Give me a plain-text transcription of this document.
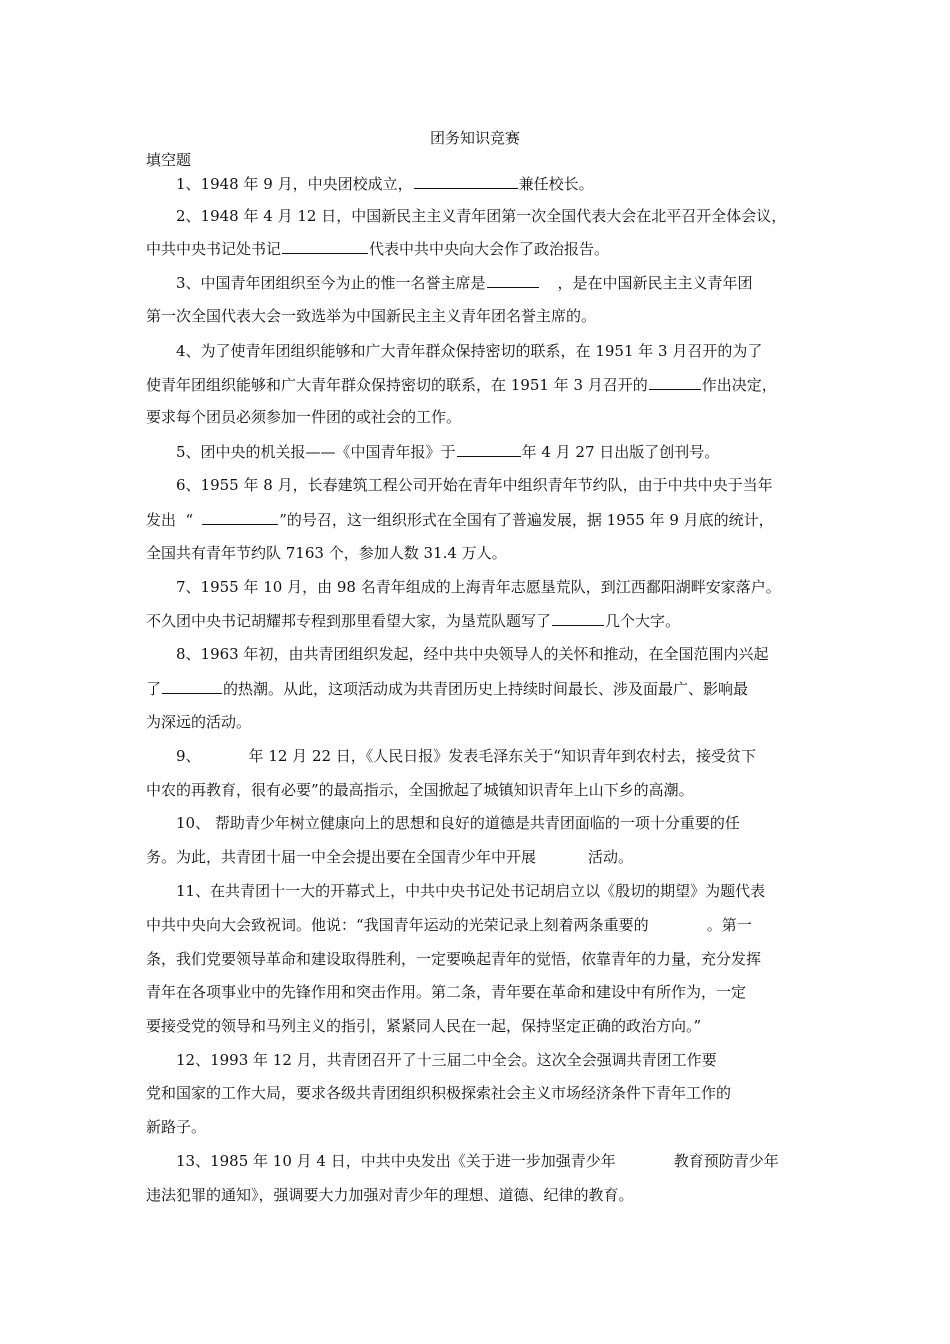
团务知识竞赛
填空题
1、1948 年 9 月，中央团校成立，	兼任校长。
2、1948 年 4 月 12 日，中国新民主主义青年团第一次全国代表大会在北平召开全体会议，
中共中央书记处书记	代表中共中央向大会作了政治报告。
3、中国青年团组织至今为止的惟一名誉主席是	，是在中国新民主主义青年团
第一次全国代表大会一致选举为中国新民主主义青年团名誉主席的。
4、为了使青年团组织能够和广大青年群众保持密切的联系，在 1951 年 3 月召开的为了
使青年团组织能够和广大青年群众保持密切的联系，在 1951 年 3 月召开的	作出决定，
要求每个团员必须参加一件团的或社会的工作。
5、团中央的机关报——《中国青年报》于	年 4 月 27 日出版了创刊号。
6、1955 年 8 月，长春建筑工程公司开始在青年中组织青年节约队，由于中共中央于当年
发出  “	”的号召，这一组织形式在全国有了普遍发展，据 1955 年 9 月底的统计，
全国共有青年节约队 7163 个，参加人数 31.4 万人。
7、1955 年 10 月，由 98 名青年组成的上海青年志愿垦荒队，到江西鄱阳湖畔安家落户。
不久团中央书记胡耀邦专程到那里看望大家，为垦荒队题写了	几个大字。
8、1963 年初，由共青团组织发起，经中共中央领导人的关怀和推动，在全国范围内兴起
了	的热潮。从此，这项活动成为共青团历史上持续时间最长、涉及面最广、影响最
为深远的活动。
9、	年 12 月 22 日，《人民日报》发表毛泽东关于“知识青年到农村去，接受贫下
中农的再教育，很有必要”的最高指示，全国掀起了城镇知识青年上山下乡的高潮。
10、 帮助青少年树立健康向上的思想和良好的道德是共青团面临的一项十分重要的任
务。为此，共青团十届一中全会提出要在全国青少年中开展	活动。
11、在共青团十一大的开幕式上，中共中央书记处书记胡启立以《殷切的期望》为题代表
中共中央向大会致祝词。他说：“我国青年运动的光荣记录上刻着两条重要的	。第一
条，我们党要领导革命和建设取得胜利，一定要唤起青年的觉悟，依靠青年的力量，充分发挥
青年在各项事业中的先锋作用和突击作用。第二条，青年要在革命和建设中有所作为，一定
要接受党的领导和马列主义的指引，紧紧同人民在一起，保持坚定正确的政治方向。”
12、1993 年 12 月，共青团召开了十三届二中全会。这次全会强调共青团工作要
党和国家的工作大局，要求各级共青团组织积极探索社会主义市场经济条件下青年工作的
新路子。
13、1985 年 10 月 4 日，中共中央发出《关于进一步加强青少年	教育预防青少年
违法犯罪的通知》，强调要大力加强对青少年的理想、道德、纪律的教育。
